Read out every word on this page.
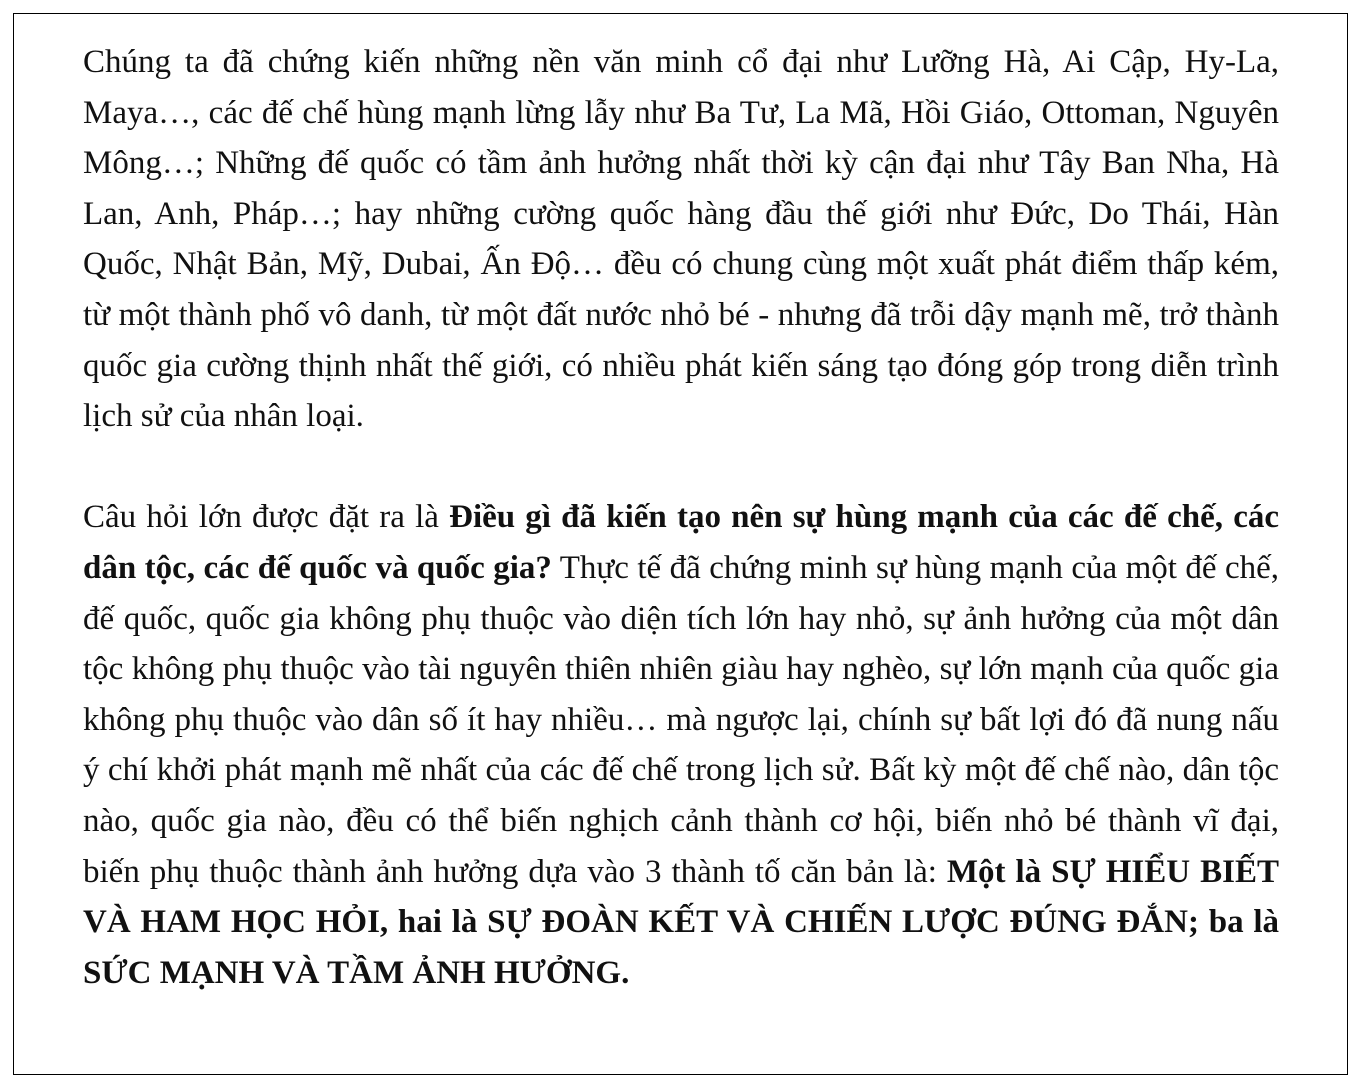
Chúng ta đã chứng kiến những nền văn minh cổ đại như Lưỡng Hà, Ai Cập, Hy-La, Maya…, các đế chế hùng mạnh lừng lẫy như Ba Tư, La Mã, Hồi Giáo, Ottoman, Nguyên Mông…; Những đế quốc có tầm ảnh hưởng nhất thời kỳ cận đại như Tây Ban Nha, Hà Lan, Anh, Pháp…; hay những cường quốc hàng đầu thế giới như Đức, Do Thái, Hàn Quốc, Nhật Bản, Mỹ, Dubai, Ấn Độ… đều có chung cùng một xuất phát điểm thấp kém, từ một thành phố vô danh, từ một đất nước nhỏ bé - nhưng đã trỗi dậy mạnh mẽ, trở thành quốc gia cường thịnh nhất thế giới, có nhiều phát kiến sáng tạo đóng góp trong diễn trình lịch sử của nhân loại.

Câu hỏi lớn được đặt ra là Điều gì đã kiến tạo nên sự hùng mạnh của các đế chế, các dân tộc, các đế quốc và quốc gia? Thực tế đã chứng minh sự hùng mạnh của một đế chế, đế quốc, quốc gia không phụ thuộc vào diện tích lớn hay nhỏ, sự ảnh hưởng của một dân tộc không phụ thuộc vào tài nguyên thiên nhiên giàu hay nghèo, sự lớn mạnh của quốc gia không phụ thuộc vào dân số ít hay nhiều… mà ngược lại, chính sự bất lợi đó đã nung nấu ý chí khởi phát mạnh mẽ nhất của các đế chế trong lịch sử. Bất kỳ một đế chế nào, dân tộc nào, quốc gia nào, đều có thể biến nghịch cảnh thành cơ hội, biến nhỏ bé thành vĩ đại, biến phụ thuộc thành ảnh hưởng dựa vào 3 thành tố căn bản là: Một là SỰ HIỂU BIẾT VÀ HAM HỌC HỎI, hai là SỰ ĐOÀN KẾT VÀ CHIẾN LƯỢC ĐÚNG ĐẮN; ba là SỨC MẠNH VÀ TẦM ẢNH HƯỞNG.
